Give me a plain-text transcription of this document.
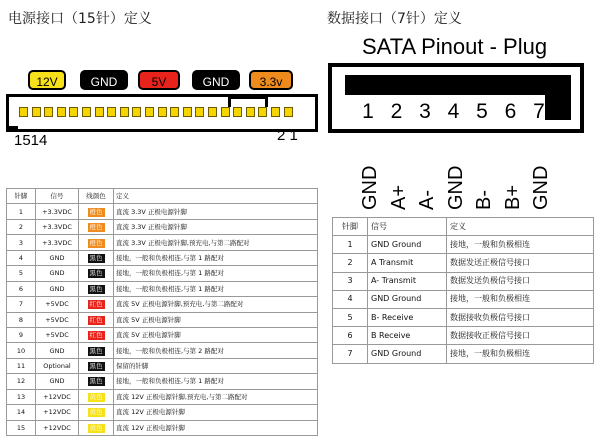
电源接口（15针）定义
12V	GND	5V	GND	3.3v
1514	2 1
针脚	信号	线颜色	定义
1	+3.3VDC	橙色	直流 3.3V 正极电源针脚
2	+3.3VDC	橙色	直流 3.3V 正极电源针脚
3	+3.3VDC	橙色	直流 3.3V 正极电源针脚,预充电,与第二路配对
4	GND	黑色	接地，一般和负极相连,与第 1 路配对
5	GND	黑色	接地，一般和负极相连,与第 1 路配对
6	GND	黑色	接地，一般和负极相连,与第 1 路配对
7	+5VDC	红色	直流 5V 正极电源针脚,预充电,与第二路配对
8	+5VDC	红色	直流 5V 正极电源针脚
9	+5VDC	红色	直流 5V 正极电源针脚
10	GND	黑色	接地，一般和负极相连,与第 2 路配对
11	Optional	黑色	保留的针脚
12	GND	黑色	接地，一般和负极相连,与第 1 路配对
13	+12VDC	黄色	直流 12V 正极电源针脚,预充电,与第二路配对
14	+12VDC	黄色	直流 12V 正极电源针脚
15	+12VDC	黄色	直流 12V 正极电源针脚
数据接口（7针）定义
SATA Pinout - Plug
1
GND
2
A+
3
A-
4
GND
5
B-
6
B+
7
GND
针脚	信号	定义
1	GND Ground	接地，一般和负极相连
2	A Transmit	数据发送正极信号接口
3	A- Transmit	数据发送负极信号接口
4	GND Ground	接地，一般和负极相连
5	B- Receive	数据接收负极信号接口
6	B Receive	数据接收正极信号接口
7	GND Ground	接地，一般和负极相连
